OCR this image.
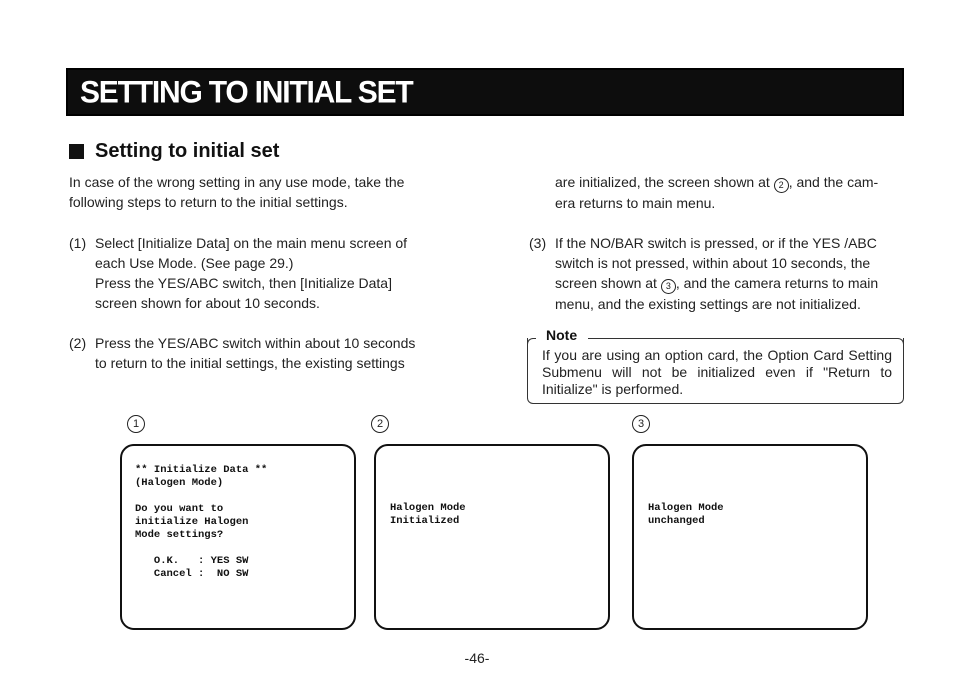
SETTING TO INITIAL SET
Setting to initial set

In case of the wrong setting in any use mode, take the

following steps to return to the initial settings.

(1) Select [Initialize Data] on the main menu screen of

each Use Mode. (See page 29.)

Press the YES/ABC switch, then [Initialize Data]

screen shown for about 10 seconds.

(2) Press the YES/ABC switch within about 10 seconds

to return to the initial settings, the existing settings

are initialized, the screen shown at 2 , and the cam-

era returns to main menu.

(3) If the NO/BAR switch is pressed, or if the YES /ABC

switch is not pressed, within about 10 seconds, the

screen shown at 3 , and the camera returns to main

menu, and the existing settings are not initialized.

Note
If you are using an option card, the Option Card Setting Submenu will not be initialized even if "Return to Initialize" is performed.
1	2	3
** Initialize Data **
(Halogen Mode)

Do you want to
initialize Halogen
Mode settings?

O.K.   : YES SW
Cancel :  NO SW
Halogen Mode
Initialized
Halogen Mode
unchanged
-46-
